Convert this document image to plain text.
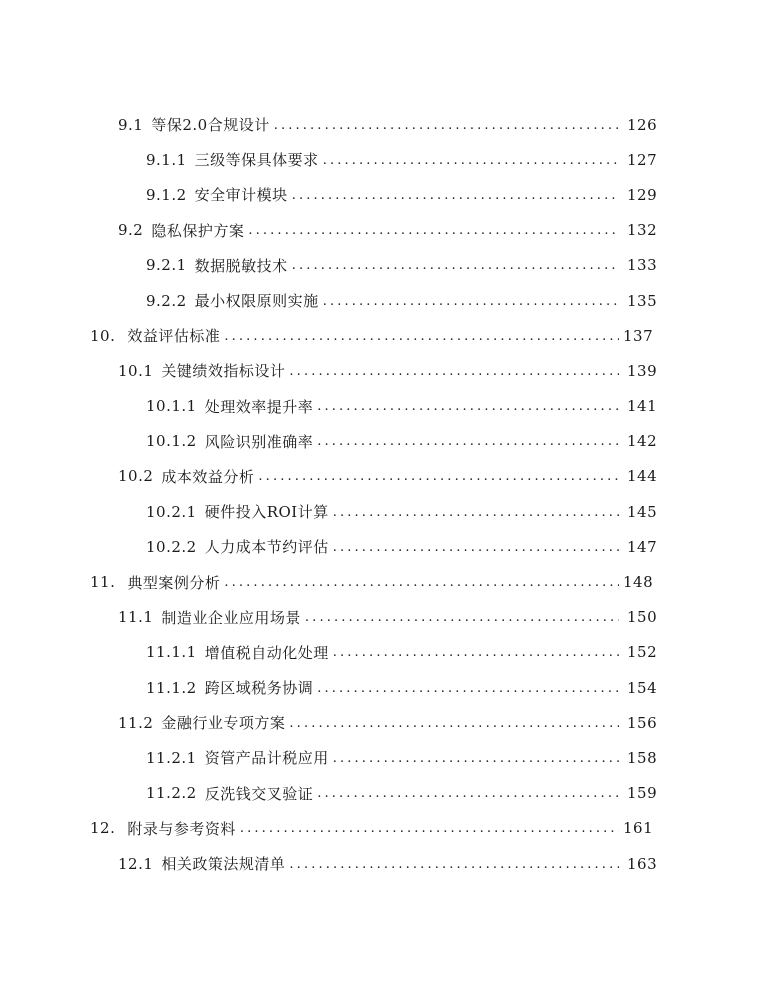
9.1 等保2.0合规设计 . . .	126
9.1.1 三级等保具体要求 . . .	127
9.1.2 安全审计模块 . . .	129
9.2 隐私保护方案 . . .	132
9.2.1 数据脱敏技术 . . .	133
9.2.2 最小权限原则实施 . . .	135
10. 效益评估标准 . . .	137
10.1 关键绩效指标设计 . . .	139
10.1.1 处理效率提升率 . . .	141
10.1.2 风险识别准确率 . . .	142
10.2 成本效益分析 . . .	144
10.2.1 硬件投入ROI计算 . . .	145
10.2.2 人力成本节约评估 . . .	147
11. 典型案例分析 . . .	148
11.1 制造业企业应用场景 . . .	150
11.1.1 增值税自动化处理 . . .	152
11.1.2 跨区域税务协调 . . .	154
11.2 金融行业专项方案 . . .	156
11.2.1 资管产品计税应用 . . .	158
11.2.2 反洗钱交叉验证 . . .	159
12. 附录与参考资料 . . .	161
12.1 相关政策法规清单 . . .	163
